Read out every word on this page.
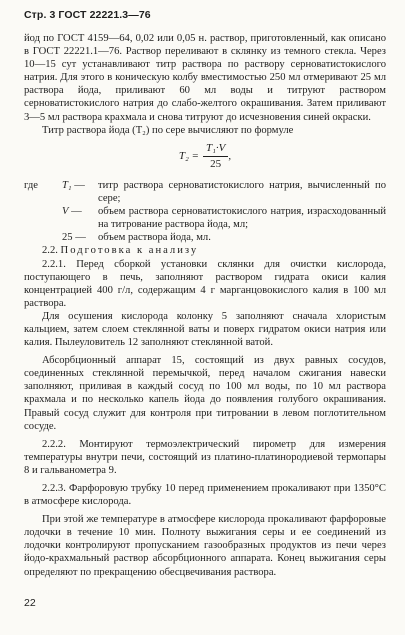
Стр. 3 ГОСТ 22221.3—76

йод по ГОСТ 4159—64, 0,02 или 0,05 н. раствор, приготовленный, как описано в ГОСТ 22221.1—76. Раствор переливают в склянку из темного стекла. Через 10—15 сут устанавливают титр раствора по раствору серноватистокислого натрия. Для этого в коническую колбу вместимостью 250 мл отмеривают 25 мл раствора йода, приливают 60 мл воды и титруют раствором серноватистокислого натрия до слабо-желтого окрашивания. Затем приливают 3—5 мл раствора крахмала и снова титруют до исчезновения синей окраски.

Титр раствора йода (T₂) по сере вычисляют по формуле

$T_2 = \frac{\text{T₁·V}}{25}$ ,
где	T₁ —	титр раствора серноватистокислого натрия, вычисленный по сере;
V —	объем раствора серноватистокислого натрия, израсходованный на титрование раствора йода, мл;
25 —	объем раствора йода, мл.

2.2. Подготовка к анализу

2.2.1. Перед сборкой установки склянки для очистки кислорода, поступающего в печь, заполняют раствором гидрата окиси калия концентрацией 400 г/л, содержащим 4 г марганцовокислого калия в 100 мл раствора.

Для осушения кислорода колонку 5 заполняют сначала хлористым кальцием, затем слоем стеклянной ваты и поверх гидратом окиси натрия или калия. Пылеуловитель 12 заполняют стеклянной ватой.

Абсорбционный аппарат 15, состоящий из двух равных сосудов, соединенных стеклянной перемычкой, перед началом сжигания навески заполняют, приливая в каждый сосуд по 100 мл воды, по 10 мл раствора крахмала и по несколько капель йода до появления голубого окрашивания. Правый сосуд служит для контроля при титровании в левом поглотительном сосуде.

2.2.2. Монтируют термоэлектрический пирометр для измерения температуры внутри печи, состоящий из платино-платинородиевой термопары 8 и гальванометра 9.

2.2.3. Фарфоровую трубку 10 перед применением прокаливают при 1350°С в атмосфере кислорода.

При этой же температуре в атмосфере кислорода прокаливают фарфоровые лодочки в течение 10 мин. Полноту выжигания серы и ее соединений из лодочки контролируют пропусканием газообразных продуктов из печи через йодо-крахмальный раствор абсорбционного аппарата. Конец выжигания серы определяют по прекращению обесцвечивания раствора.

22
